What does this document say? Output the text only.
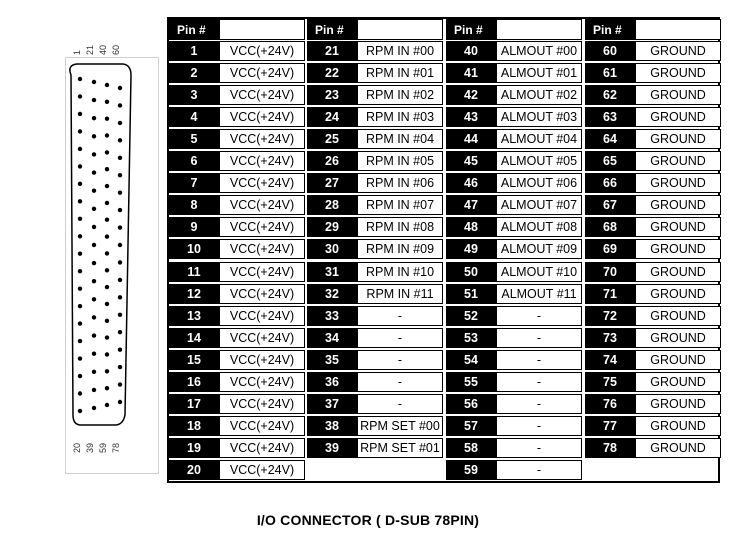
1 21 40 60
20 39 59 78
Pin #
1	VCC(+24V)
2	VCC(+24V)
3	VCC(+24V)
4	VCC(+24V)
5	VCC(+24V)
6	VCC(+24V)
7	VCC(+24V)
8	VCC(+24V)
9	VCC(+24V)
10	VCC(+24V)
11	VCC(+24V)
12	VCC(+24V)
13	VCC(+24V)
14	VCC(+24V)
15	VCC(+24V)
16	VCC(+24V)
17	VCC(+24V)
18	VCC(+24V)
19	VCC(+24V)
20	VCC(+24V)
Pin #
21	RPM IN #00
22	RPM IN #01
23	RPM IN #02
24	RPM IN #03
25	RPM IN #04
26	RPM IN #05
27	RPM IN #06
28	RPM IN #07
29	RPM IN #08
30	RPM IN #09
31	RPM IN #10
32	RPM IN #11
33	-
34	-
35	-
36	-
37	-
38	RPM SET #00
39	RPM SET #01
Pin #
40	ALMOUT #00
41	ALMOUT #01
42	ALMOUT #02
43	ALMOUT #03
44	ALMOUT #04
45	ALMOUT #05
46	ALMOUT #06
47	ALMOUT #07
48	ALMOUT #08
49	ALMOUT #09
50	ALMOUT #10
51	ALMOUT #11
52	-
53	-
54	-
55	-
56	-
57	-
58	-
59	-
Pin #
60	GROUND
61	GROUND
62	GROUND
63	GROUND
64	GROUND
65	GROUND
66	GROUND
67	GROUND
68	GROUND
69	GROUND
70	GROUND
71	GROUND
72	GROUND
73	GROUND
74	GROUND
75	GROUND
76	GROUND
77	GROUND
78	GROUND
I/O CONNECTOR ( D-SUB 78PIN)
